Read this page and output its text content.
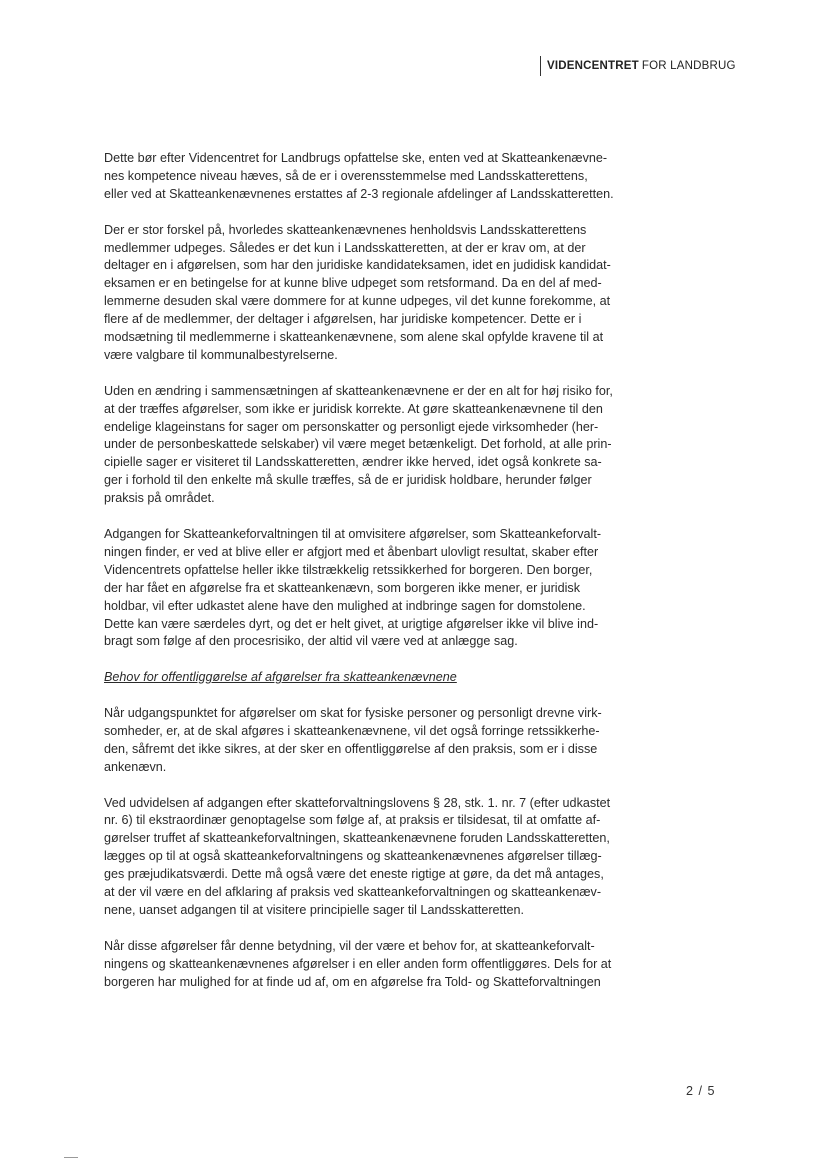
VIDENCENTRET FOR LANDBRUG

Dette bør efter Videncentret for Landbrugs opfattelse ske, enten ved at Skatteankenævne-
nes kompetence niveau hæves, så de er i overensstemmelse med Landsskatterettens,
eller ved at Skatteankenævnenes erstattes af 2-3 regionale afdelinger af Landsskatteretten.

Der er stor forskel på, hvorledes skatteankenævnenes henholdsvis Landsskatterettens
medlemmer udpeges. Således er det kun i Landsskatteretten, at der er krav om, at der
deltager en i afgørelsen, som har den juridiske kandidateksamen, idet en judidisk kandidat-
eksamen er en betingelse for at kunne blive udpeget som retsformand. Da en del af med-
lemmerne desuden skal være dommere for at kunne udpeges, vil det kunne forekomme, at
flere af de medlemmer, der deltager i afgørelsen, har juridiske kompetencer. Dette er i
modsætning til medlemmerne i skatteankenævnene, som alene skal opfylde kravene til at
være valgbare til kommunalbestyrelserne.

Uden en ændring i sammensætningen af skatteankenævnene er der en alt for høj risiko for,
at der træffes afgørelser, som ikke er juridisk korrekte. At gøre skatteankenævnene til den
endelige klageinstans for sager om personskatter og personligt ejede virksomheder (her-
under de personbeskattede selskaber) vil være meget betænkeligt. Det forhold, at alle prin-
cipielle sager er visiteret til Landsskatteretten, ændrer ikke herved, idet også konkrete sa-
ger i forhold til den enkelte må skulle træffes, så de er juridisk holdbare, herunder følger
praksis på området.

Adgangen for Skatteankeforvaltningen til at omvisitere afgørelser, som Skatteankeforvalt-
ningen finder, er ved at blive eller er afgjort med et åbenbart ulovligt resultat, skaber efter
Videncentrets opfattelse heller ikke tilstrækkelig retssikkerhed for borgeren. Den borger,
der har fået en afgørelse fra et skatteankenævn, som borgeren ikke mener, er juridisk
holdbar, vil efter udkastet alene have den mulighed at indbringe sagen for domstolene.
Dette kan være særdeles dyrt, og det er helt givet, at urigtige afgørelser ikke vil blive ind-
bragt som følge af den procesrisiko, der altid vil være ved at anlægge sag.

Behov for offentliggørelse af afgørelser fra skatteankenævnene

Når udgangspunktet for afgørelser om skat for fysiske personer og personligt drevne virk-
somheder, er, at de skal afgøres i skatteankenævnene, vil det også forringe retssikkerhe-
den, såfremt det ikke sikres, at der sker en offentliggørelse af den praksis, som er i disse
ankenævn.

Ved udvidelsen af adgangen efter skatteforvaltningslovens § 28, stk. 1. nr. 7 (efter udkastet
nr. 6) til ekstraordinær genoptagelse som følge af, at praksis er tilsidesat, til at omfatte af-
gørelser truffet af skatteankeforvaltningen, skatteankenævnene foruden Landsskatteretten,
lægges op til at også skatteankeforvaltningens og skatteankenævnenes afgørelser tillæg-
ges præjudikatsværdi. Dette må også være det eneste rigtige at gøre, da det må antages,
at der vil være en del afklaring af praksis ved skatteankeforvaltningen og skatteankenæv-
nene, uanset adgangen til at visitere principielle sager til Landsskatteretten.

Når disse afgørelser får denne betydning, vil der være et behov for, at skatteankeforvalt-
ningens og skatteankenævnenes afgørelser i en eller anden form offentliggøres. Dels for at
borgeren har mulighed for at finde ud af, om en afgørelse fra Told- og Skatteforvaltningen

2 / 5
